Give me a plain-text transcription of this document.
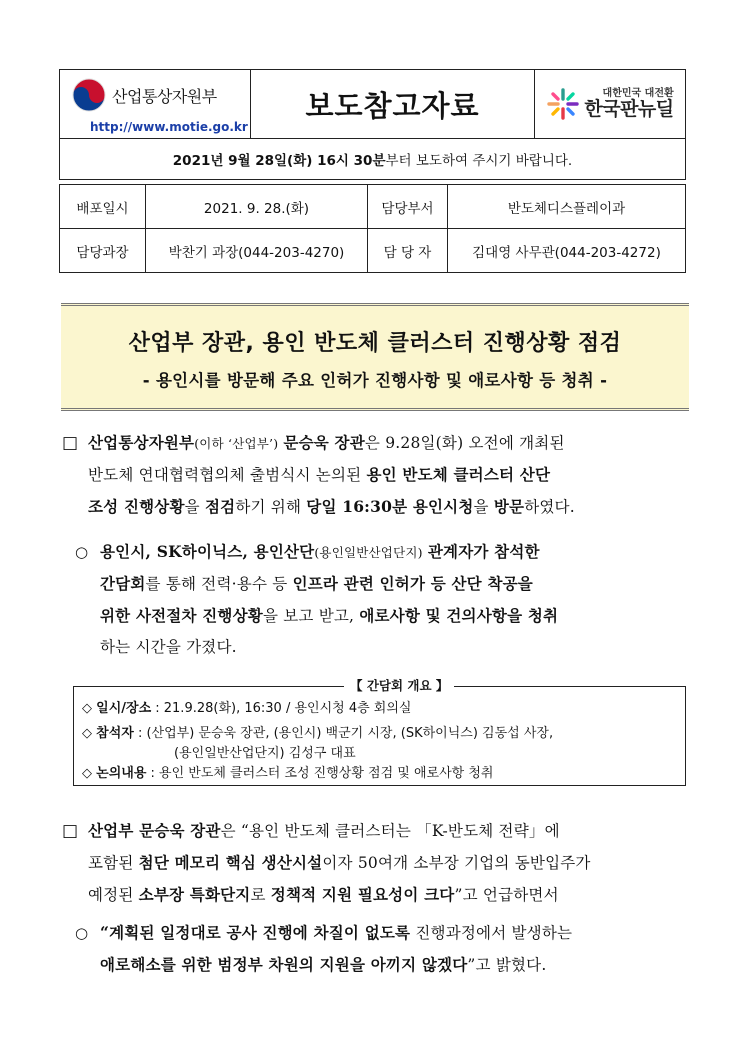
산업통상자원부
http://www.motie.go.kr
	보도참고자료	대한민국 대전환
한국판뉴딜

2021년 9월 28일(화) 16시 30분부터 보도하여 주시기 바랍니다.
배포일시	2021. 9. 28.(화)	담당부서	반도체디스플레이과
담당과장	박찬기 과장(044-203-4270)	담 당 자	김대영 사무관(044-203-4272)
산업부 장관, 용인 반도체 클러스터 진행상황 점검
- 용인시를 방문해 주요 인허가 진행사항 및 애로사항 등 청취 -
□ 산업통상자원부(이하 ‘산업부’) 문승욱 장관은 9.28일(화) 오전에 개최된
반도체 연대협력협의체 출범식시 논의된 용인 반도체 클러스터 산단
조성 진행상황을 점검하기 위해 당일 16:30분 용인시청을 방문하였다.
○ 용인시, SK하이닉스, 용인산단(용인일반산업단지) 관계자가 참석한
간담회를 통해 전력·용수 등 인프라 관련 인허가 등 산단 착공을
위한 사전절차 진행상황을 보고 받고, 애로사항 및 건의사항을 청취
하는 시간을 가졌다.
【 간담회 개요 】
◇ 일시/장소 : 21.9.28(화), 16:30 / 용인시청 4층 회의실
◇ 참석자 : (산업부) 문승욱 장관, (용인시) 백군기 시장, (SK하이닉스) 김동섭 사장,
(용인일반산업단지) 김성구 대표
◇ 논의내용 : 용인 반도체 클러스터 조성 진행상황 점검 및 애로사항 청취
□ 산업부 문승욱 장관은 “용인 반도체 클러스터는 「K-반도체 전략」에
포함된 첨단 메모리 핵심 생산시설이자 50여개 소부장 기업의 동반입주가
예정된 소부장 특화단지로 정책적 지원 필요성이 크다”고 언급하면서
○ “계획된 일정대로 공사 진행에 차질이 없도록 진행과정에서 발생하는
애로해소를 위한 범정부 차원의 지원을 아끼지 않겠다”고 밝혔다.
